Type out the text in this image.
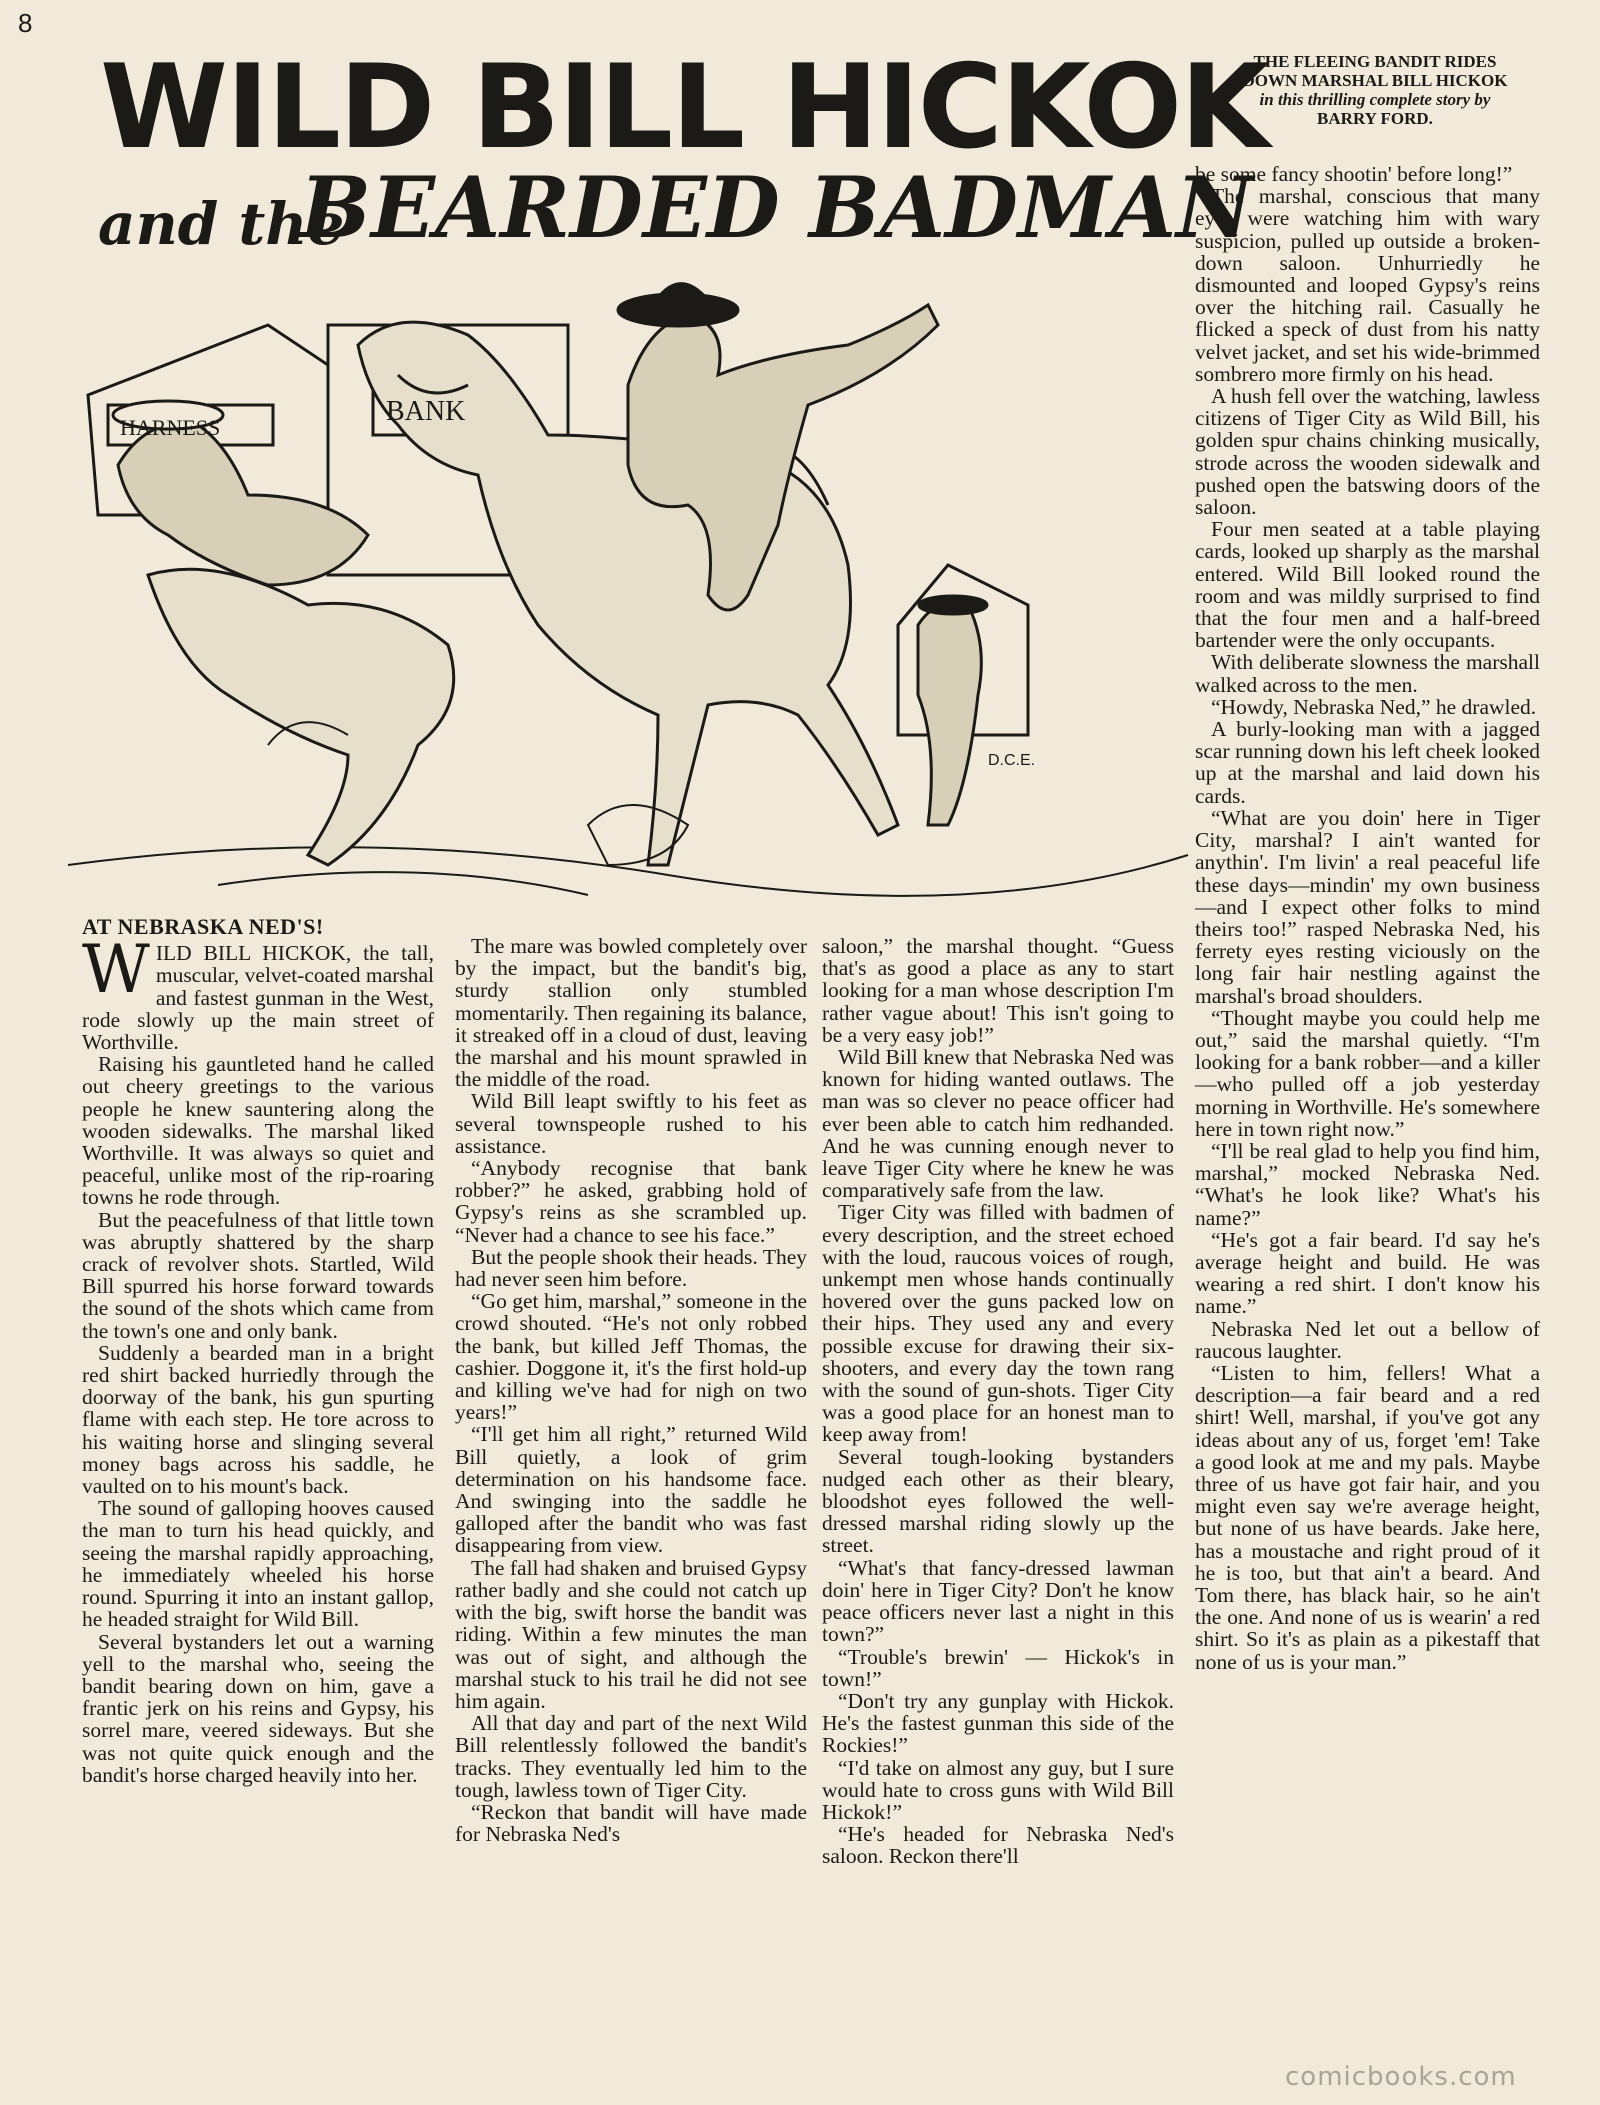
8
WILD BILL HICKOK
and the
BEARDED BADMAN
THE FLEEING BANDIT RIDES
DOWN MARSHAL BILL HICKOK
in this thrilling complete story by
BARRY FORD.
HARNESS
BANK
D.C.E.
AT NEBRASKA NED'S!

WILD BILL HICKOK, the tall, muscular, velvet-coated marshal and fastest gunman in the West, rode slowly up the main street of Worthville.

Raising his gauntleted hand he called out cheery greetings to the various people he knew sauntering along the wooden sidewalks. The marshal liked Worthville. It was always so quiet and peaceful, unlike most of the rip-roaring towns he rode through.

But the peacefulness of that little town was abruptly shattered by the sharp crack of revolver shots. Startled, Wild Bill spurred his horse forward towards the sound of the shots which came from the town's one and only bank.

Suddenly a bearded man in a bright red shirt backed hurriedly through the doorway of the bank, his gun spurting flame with each step. He tore across to his waiting horse and slinging several money bags across his saddle, he vaulted on to his mount's back.

The sound of galloping hooves caused the man to turn his head quickly, and seeing the marshal rapidly approaching, he immediately wheeled his horse round. Spurring it into an instant gallop, he headed straight for Wild Bill.

Several bystanders let out a warning yell to the marshal who, seeing the bandit bearing down on him, gave a frantic jerk on his reins and Gypsy, his sorrel mare, veered sideways. But she was not quite quick enough and the bandit's horse charged heavily into her.

The mare was bowled completely over by the impact, but the bandit's big, sturdy stallion only stumbled momentarily. Then regaining its balance, it streaked off in a cloud of dust, leaving the marshal and his mount sprawled in the middle of the road.

Wild Bill leapt swiftly to his feet as several townspeople rushed to his assistance.

“Anybody recognise that bank robber?” he asked, grabbing hold of Gypsy's reins as she scrambled up. “Never had a chance to see his face.”

But the people shook their heads. They had never seen him before.

“Go get him, marshal,” someone in the crowd shouted. “He's not only robbed the bank, but killed Jeff Thomas, the cashier. Doggone it, it's the first hold-up and killing we've had for nigh on two years!”

“I'll get him all right,” returned Wild Bill quietly, a look of grim determination on his handsome face. And swinging into the saddle he galloped after the bandit who was fast disappearing from view.

The fall had shaken and bruised Gypsy rather badly and she could not catch up with the big, swift horse the bandit was riding. Within a few minutes the man was out of sight, and although the marshal stuck to his trail he did not see him again.

All that day and part of the next Wild Bill relentlessly followed the bandit's tracks. They eventually led him to the tough, lawless town of Tiger City.

“Reckon that bandit will have made for Nebraska Ned's

saloon,” the marshal thought. “Guess that's as good a place as any to start looking for a man whose description I'm rather vague about! This isn't going to be a very easy job!”

Wild Bill knew that Nebraska Ned was known for hiding wanted outlaws. The man was so clever no peace officer had ever been able to catch him redhanded. And he was cunning enough never to leave Tiger City where he knew he was comparatively safe from the law.

Tiger City was filled with badmen of every description, and the street echoed with the loud, raucous voices of rough, unkempt men whose hands continually hovered over the guns packed low on their hips. They used any and every possible excuse for drawing their six-shooters, and every day the town rang with the sound of gun-shots. Tiger City was a good place for an honest man to keep away from!

Several tough-looking bystanders nudged each other as their bleary, bloodshot eyes followed the well-dressed marshal riding slowly up the street.

“What's that fancy-dressed lawman doin' here in Tiger City? Don't he know peace officers never last a night in this town?”

“Trouble's brewin' — Hickok's in town!”

“Don't try any gunplay with Hickok. He's the fastest gunman this side of the Rockies!”

“I'd take on almost any guy, but I sure would hate to cross guns with Wild Bill Hickok!”

“He's headed for Nebraska Ned's saloon. Reckon there'll

be some fancy shootin' before long!”

The marshal, conscious that many eyes were watching him with wary suspicion, pulled up outside a broken-down saloon. Unhurriedly he dismounted and looped Gypsy's reins over the hitching rail. Casually he flicked a speck of dust from his natty velvet jacket, and set his wide-brimmed sombrero more firmly on his head.

A hush fell over the watching, lawless citizens of Tiger City as Wild Bill, his golden spur chains chinking musically, strode across the wooden sidewalk and pushed open the batswing doors of the saloon.

Four men seated at a table playing cards, looked up sharply as the marshal entered. Wild Bill looked round the room and was mildly surprised to find that the four men and a half-breed bartender were the only occupants.

With deliberate slowness the marshall walked across to the men.

“Howdy, Nebraska Ned,” he drawled.

A burly-looking man with a jagged scar running down his left cheek looked up at the marshal and laid down his cards.

“What are you doin' here in Tiger City, marshal? I ain't wanted for anythin'. I'm livin' a real peaceful life these days—mindin' my own business—and I expect other folks to mind theirs too!” rasped Nebraska Ned, his ferrety eyes resting viciously on the long fair hair nestling against the marshal's broad shoulders.

“Thought maybe you could help me out,” said the marshal quietly. “I'm looking for a bank robber—and a killer—who pulled off a job yesterday morning in Worthville. He's somewhere here in town right now.”

“I'll be real glad to help you find him, marshal,” mocked Nebraska Ned. “What's he look like? What's his name?”

“He's got a fair beard. I'd say he's average height and build. He was wearing a red shirt. I don't know his name.”

Nebraska Ned let out a bellow of raucous laughter.

“Listen to him, fellers! What a description—a fair beard and a red shirt! Well, marshal, if you've got any ideas about any of us, forget 'em! Take a good look at me and my pals. Maybe three of us have got fair hair, and you might even say we're average height, but none of us have beards. Jake here, has a moustache and right proud of it he is too, but that ain't a beard. And Tom there, has black hair, so he ain't the one. And none of us is wearin' a red shirt. So it's as plain as a pikestaff that none of us is your man.”

comicbooks.com
